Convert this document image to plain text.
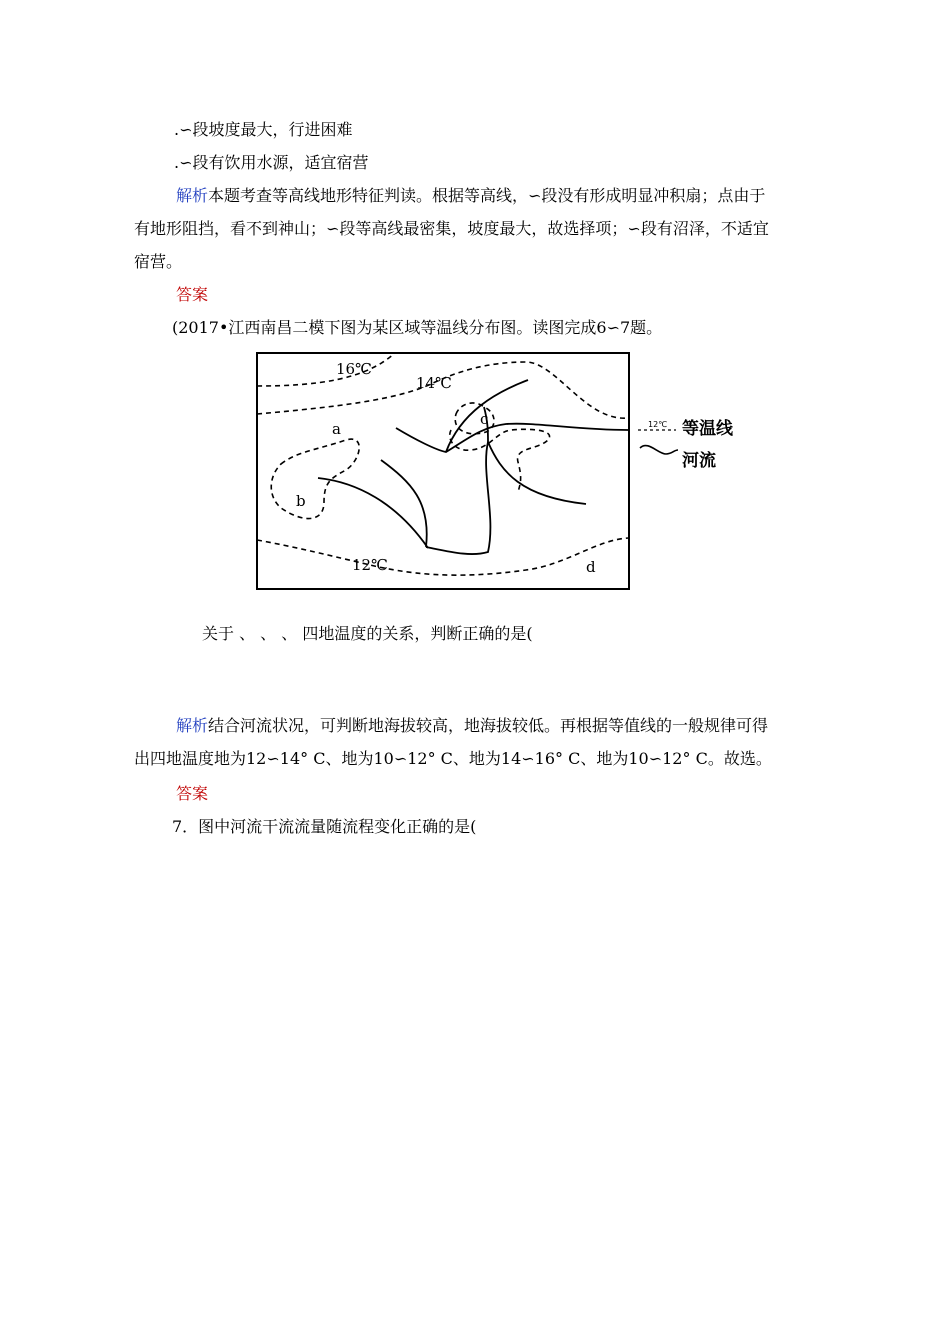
.∽段坡度最大，行进困难
.∽段有饮用水源，适宜宿营
解析本题考查等高线地形特征判读。根据等高线，∽段没有形成明显冲积扇；点由于
有地形阻挡，看不到神山；∽段等高线最密集，坡度最大，故选择项；∽段有沼泽，不适宜
宿营。
答案
(2017•江西南昌二模下图为某区域等温线分布图。读图完成6∽7题。
16℃
14℃
12℃
a
b
c
d
12℃ 等温线
河流
关于 、 、 、 四地温度的关系，判断正确的是(
解析结合河流状况，可判断地海拔较高，地海拔较低。再根据等值线的一般规律可得
出四地温度地为12∽14° C、地为10∽12° C、地为14∽16° C、地为10∽12° C。故选。
答案
7．图中河流干流流量随流程变化正确的是(
